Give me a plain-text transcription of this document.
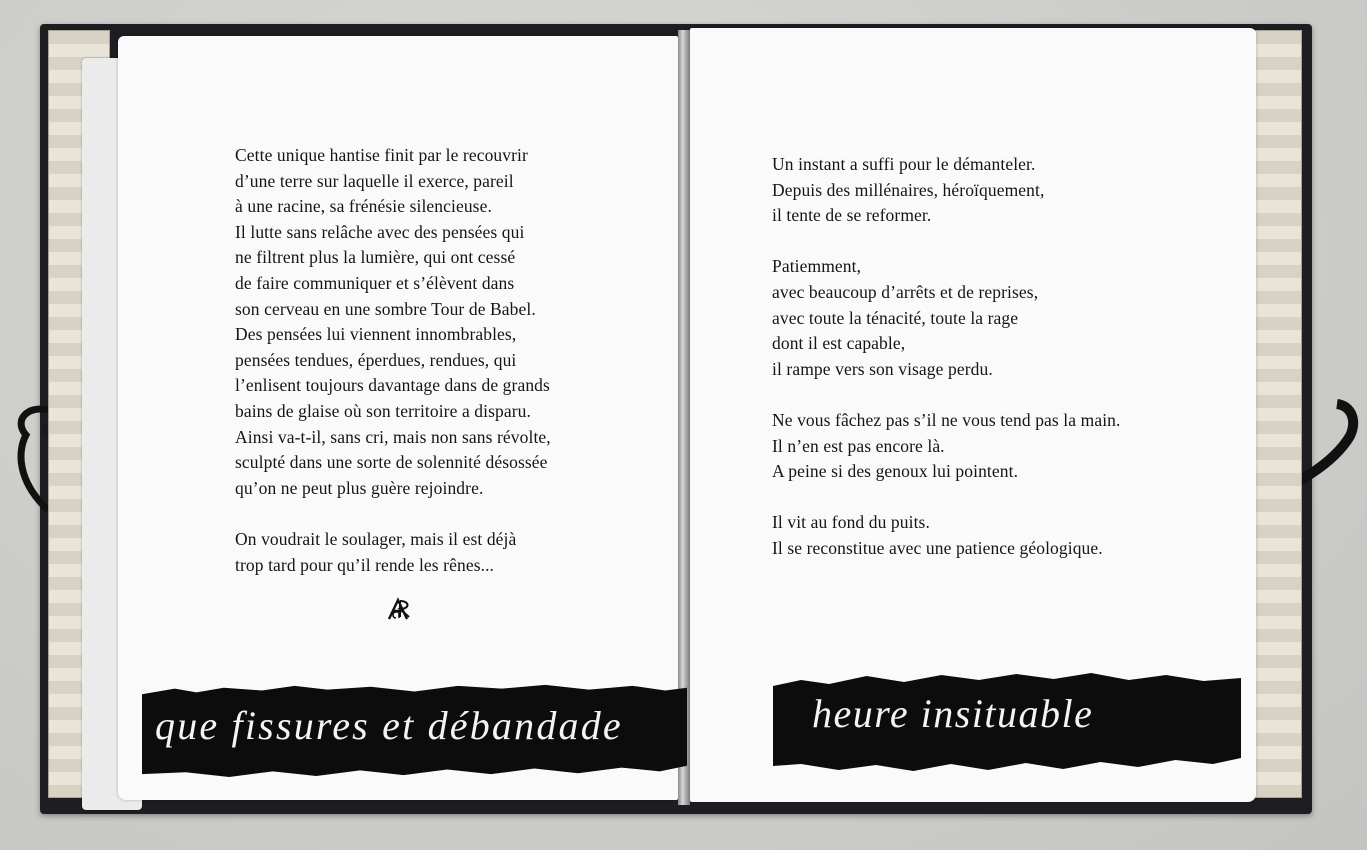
Cette unique hantise finit par le recouvrir
d’une terre sur laquelle il exerce, pareil
à une racine, sa frénésie silencieuse.
Il lutte sans relâche avec des pensées qui
ne filtrent plus la lumière, qui ont cessé
de faire communiquer et s’élèvent dans
son cerveau en une sombre Tour de Babel.
Des pensées lui viennent innombrables,
pensées tendues, éperdues, rendues, qui
l’enlisent toujours davantage dans de grands
bains de glaise où son territoire a disparu.
Ainsi va-t-il, sans cri, mais non sans révolte,
sculpté dans une sorte de solennité désossée
qu’on ne peut plus guère rejoindre.

On voudrait le soulager, mais il est déjà
trop tard pour qu’il rende les rênes...
que fissures et débandade
Un instant a suffi pour le démanteler.
Depuis des millénaires, héroïquement,
il tente de se reformer.

Patiemment,
avec beaucoup d’arrêts et de reprises,
avec toute la ténacité, toute la rage
dont il est capable,
il rampe vers son visage perdu.

Ne vous fâchez pas s’il ne vous tend pas la main.
Il n’en est pas encore là.
A peine si des genoux lui pointent.

Il vit au fond du puits.
Il se reconstitue avec une patience géologique.
heure insituable
